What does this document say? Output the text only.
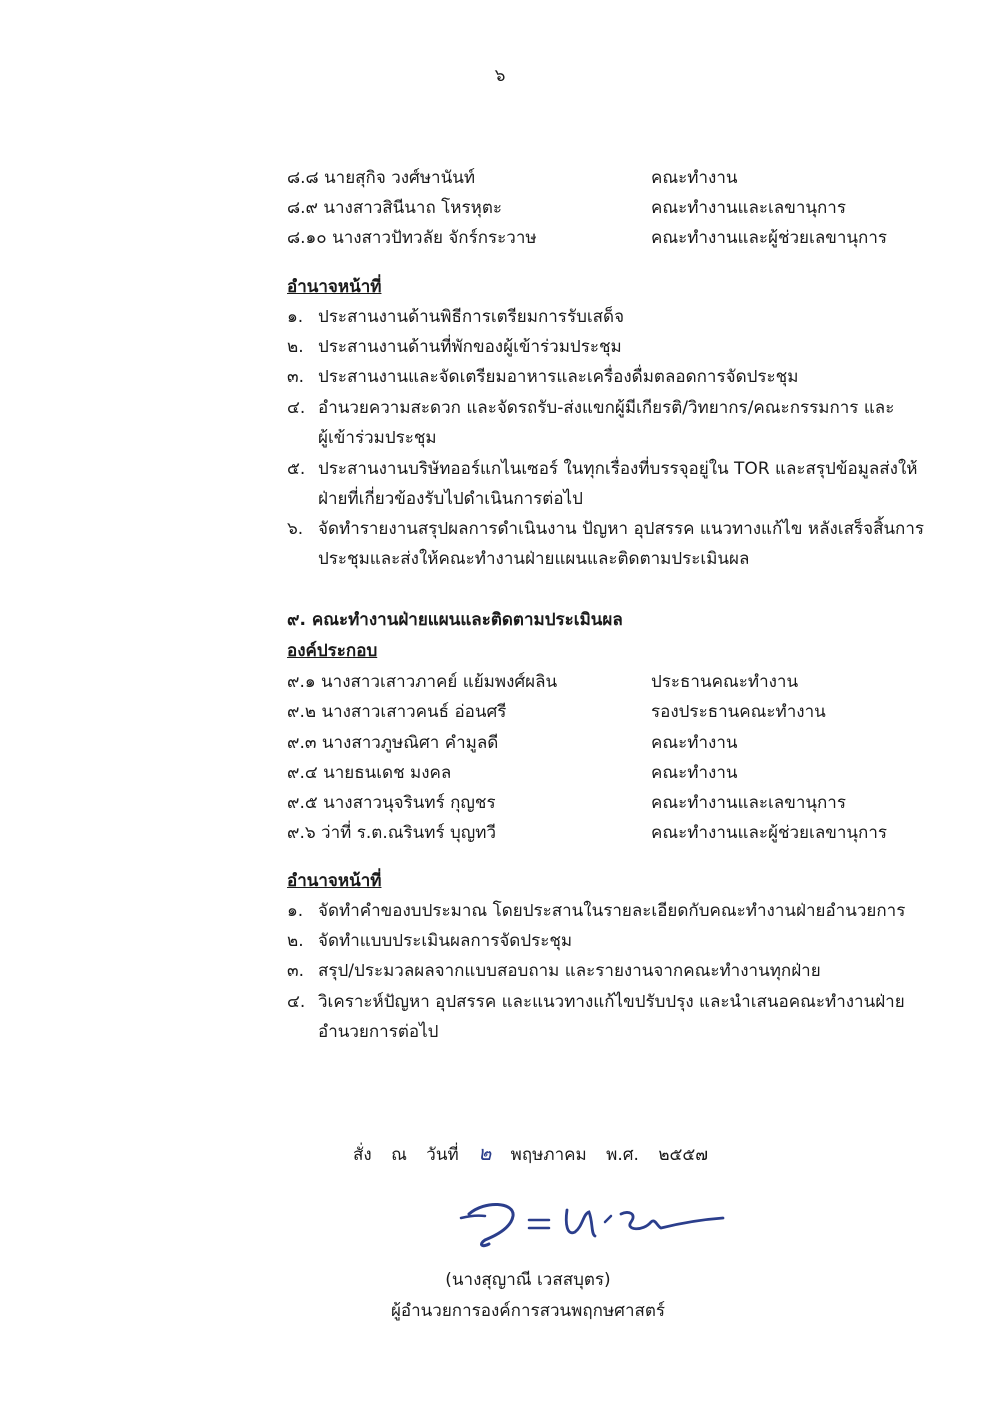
๖
๘.๘ นายสุกิจ วงศ์ษานันท์	คณะทำงาน
๘.๙ นางสาวสินีนาถ โหรหุตะ	คณะทำงานและเลขานุการ
๘.๑๐ นางสาวปัทวลัย จักร์กระวาษ	คณะทำงานและผู้ช่วยเลขานุการ
อำนาจหน้าที่
๑. ประสานงานด้านพิธีการเตรียมการรับเสด็จ
๒. ประสานงานด้านที่พักของผู้เข้าร่วมประชุม
๓. ประสานงานและจัดเตรียมอาหารและเครื่องดื่มตลอดการจัดประชุม
๔. อำนวยความสะดวก และจัดรถรับ-ส่งแขกผู้มีเกียรติ/วิทยากร/คณะกรรมการ และ
ผู้เข้าร่วมประชุม
๕. ประสานงานบริษัทออร์แกไนเซอร์ ในทุกเรื่องที่บรรจุอยู่ใน TOR และสรุปข้อมูลส่งให้
ฝ่ายที่เกี่ยวข้องรับไปดำเนินการต่อไป
๖. จัดทำรายงานสรุปผลการดำเนินงาน ปัญหา อุปสรรค แนวทางแก้ไข หลังเสร็จสิ้นการ
ประชุมและส่งให้คณะทำงานฝ่ายแผนและติดตามประเมินผล
๙. คณะทำงานฝ่ายแผนและติดตามประเมินผล
องค์ประกอบ
๙.๑ นางสาวเสาวภาคย์ แย้มพงศ์ผลิน	ประธานคณะทำงาน
๙.๒ นางสาวเสาวคนธ์ อ่อนศรี	รองประธานคณะทำงาน
๙.๓ นางสาวภูษณิศา คำมูลดี	คณะทำงาน
๙.๔ นายธนเดช มงคล	คณะทำงาน
๙.๕ นางสาวนุจรินทร์ กุญชร	คณะทำงานและเลขานุการ
๙.๖ ว่าที่ ร.ต.ณรินทร์ บุญทวี	คณะทำงานและผู้ช่วยเลขานุการ
อำนาจหน้าที่
๑. จัดทำคำของบประมาณ โดยประสานในรายละเอียดกับคณะทำงานฝ่ายอำนวยการ
๒. จัดทำแบบประเมินผลการจัดประชุม
๓. สรุป/ประมวลผลจากแบบสอบถาม และรายงานจากคณะทำงานทุกฝ่าย
๔. วิเคราะห์ปัญหา อุปสรรค และแนวทางแก้ไขปรับปรุง และนำเสนอคณะทำงานฝ่าย
อำนวยการต่อไป
สั่ง ณ วันที่ ๒ พฤษภาคม พ.ศ. ๒๕๕๗
(นางสุญาณี เวสสบุตร)
ผู้อำนวยการองค์การสวนพฤกษศาสตร์
